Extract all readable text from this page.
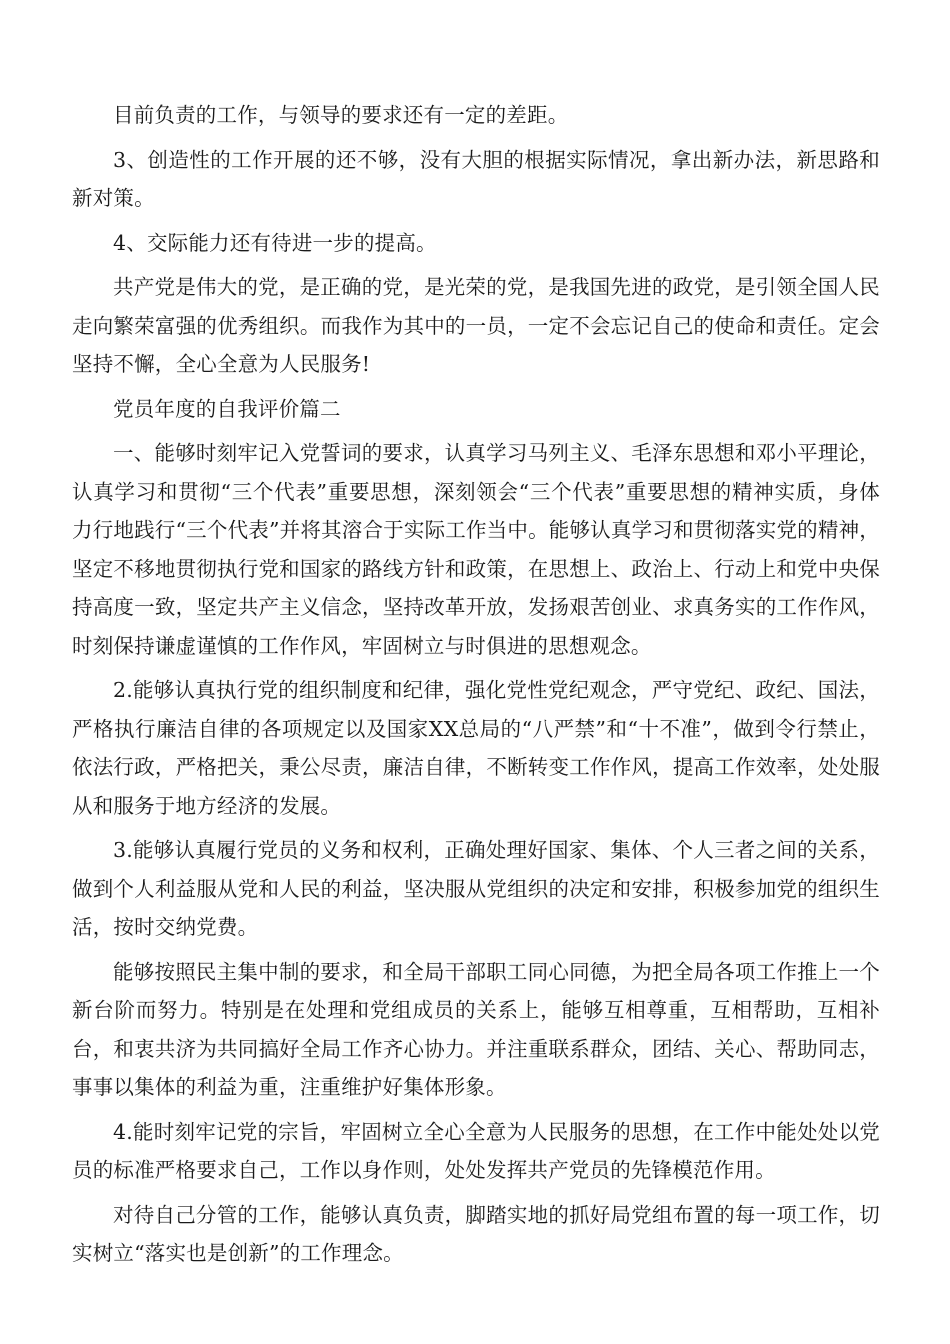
目前负责的工作，与领导的要求还有一定的差距。

3、创造性的工作开展的还不够，没有大胆的根据实际情况，拿出新办法，新思路和新对策。

4、交际能力还有待进一步的提高。

共产党是伟大的党，是正确的党，是光荣的党，是我国先进的政党，是引领全国人民走向繁荣富强的优秀组织。而我作为其中的一员，一定不会忘记自己的使命和责任。定会坚持不懈，全心全意为人民服务!

党员年度的自我评价篇二

一、能够时刻牢记入党誓词的要求，认真学习马列主义、毛泽东思想和邓小平理论，认真学习和贯彻“三个代表”重要思想，深刻领会“三个代表”重要思想的精神实质，身体力行地践行“三个代表”并将其溶合于实际工作当中。能够认真学习和贯彻落实党的精神，坚定不移地贯彻执行党和国家的路线方针和政策，在思想上、政治上、行动上和党中央保持高度一致，坚定共产主义信念，坚持改革开放，发扬艰苦创业、求真务实的工作作风，时刻保持谦虚谨慎的工作作风，牢固树立与时俱进的思想观念。

2.能够认真执行党的组织制度和纪律，强化党性党纪观念，严守党纪、政纪、国法，严格执行廉洁自律的各项规定以及国家XX总局的“八严禁”和“十不准”，做到令行禁止，依法行政，严格把关，秉公尽责，廉洁自律，不断转变工作作风，提高工作效率，处处服从和服务于地方经济的发展。

3.能够认真履行党员的义务和权利，正确处理好国家、集体、个人三者之间的关系，做到个人利益服从党和人民的利益，坚决服从党组织的决定和安排，积极参加党的组织生活，按时交纳党费。

能够按照民主集中制的要求，和全局干部职工同心同德，为把全局各项工作推上一个新台阶而努力。特别是在处理和党组成员的关系上，能够互相尊重，互相帮助，互相补台，和衷共济为共同搞好全局工作齐心协力。并注重联系群众，团结、关心、帮助同志，事事以集体的利益为重，注重维护好集体形象。

4.能时刻牢记党的宗旨，牢固树立全心全意为人民服务的思想，在工作中能处处以党员的标准严格要求自己，工作以身作则，处处发挥共产党员的先锋模范作用。

对待自己分管的工作，能够认真负责，脚踏实地的抓好局党组布置的每一项工作，切实树立“落实也是创新”的工作理念。
